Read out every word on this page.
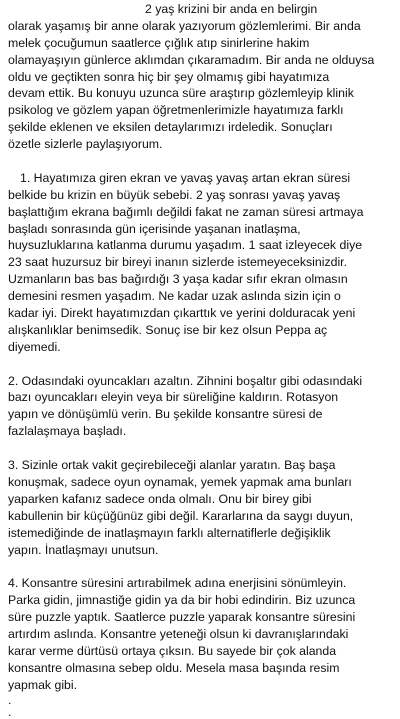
2 yaş krizini bir anda en belirgin
olarak yaşamış bir anne olarak yazıyorum gözlemlerimi. Bir anda
melek çocuğumun saatlerce çığlık atıp sinirlerine hakim
olamayaşıyın günlerce aklımdan çıkaramadım. Bir anda ne olduysa
oldu ve geçtikten sonra hiç bir şey olmamış gibi hayatımıza
devam ettik. Bu konuyu uzunca süre araştırıp gözlemleyip klinik
psikolog ve gözlem yapan öğretmenlerimizle hayatımıza farklı
şekilde eklenen ve eksilen detaylarımızı irdeledik. Sonuçları
özetle sizlerle paylaşıyorum.
1. Hayatımıza giren ekran ve yavaş yavaş artan ekran süresi
belkide bu krizin en büyük sebebi. 2 yaş sonrası yavaş yavaş
başlattığım ekrana bağımlı değildi fakat ne zaman süresi artmaya
başladı sonrasında gün içerisinde yaşanan inatlaşma,
huysuzluklarına katlanma durumu yaşadım. 1 saat izleyecek diye
23 saat huzursuz bir bireyi inanın sizlerde istemeyeceksinizdir.
Uzmanların bas bas bağırdığı 3 yaşa kadar sıfır ekran olmasın
demesini resmen yaşadım. Ne kadar uzak aslında sizin için o
kadar iyi. Direkt hayatımızdan çıkarttık ve yerini dolduracak yeni
alışkanlıklar benimsedik. Sonuç ise bir kez olsun Peppa aç
diyemedi.
2. Odasındaki oyuncakları azaltın. Zihnini boşaltır gibi odasındaki
bazı oyuncakları eleyin veya bir süreliğine kaldırın. Rotasyon
yapın ve dönüşümlü verin. Bu şekilde konsantre süresi de
fazlalaşmaya başladı.
3. Sizinle ortak vakit geçirebileceği alanlar yaratın. Baş başa
konuşmak, sadece oyun oynamak, yemek yapmak ama bunları
yaparken kafanız sadece onda olmalı. Onu bir birey gibi
kabullenin bir küçüğünüz gibi değil. Kararlarına da saygı duyun,
istemediğinde de inatlaşmayın farklı alternatiflerle değişiklik
yapın. İnatlaşmayı unutsun.
4. Konsantre süresini artırabilmek adına enerjisini sönümleyin.
Parka gidin, jimnastiğe gidin ya da bir hobi edindirin. Biz uzunca
süre puzzle yaptık. Saatlerce puzzle yaparak konsantre süresini
artırdım aslında. Konsantre yeteneği olsun ki davranışlarındaki
karar verme dürtüsü ortaya çıksın. Bu sayede bir çok alanda
konsantre olmasına sebep oldu. Mesela masa başında resim
yapmak gibi.
.
.
